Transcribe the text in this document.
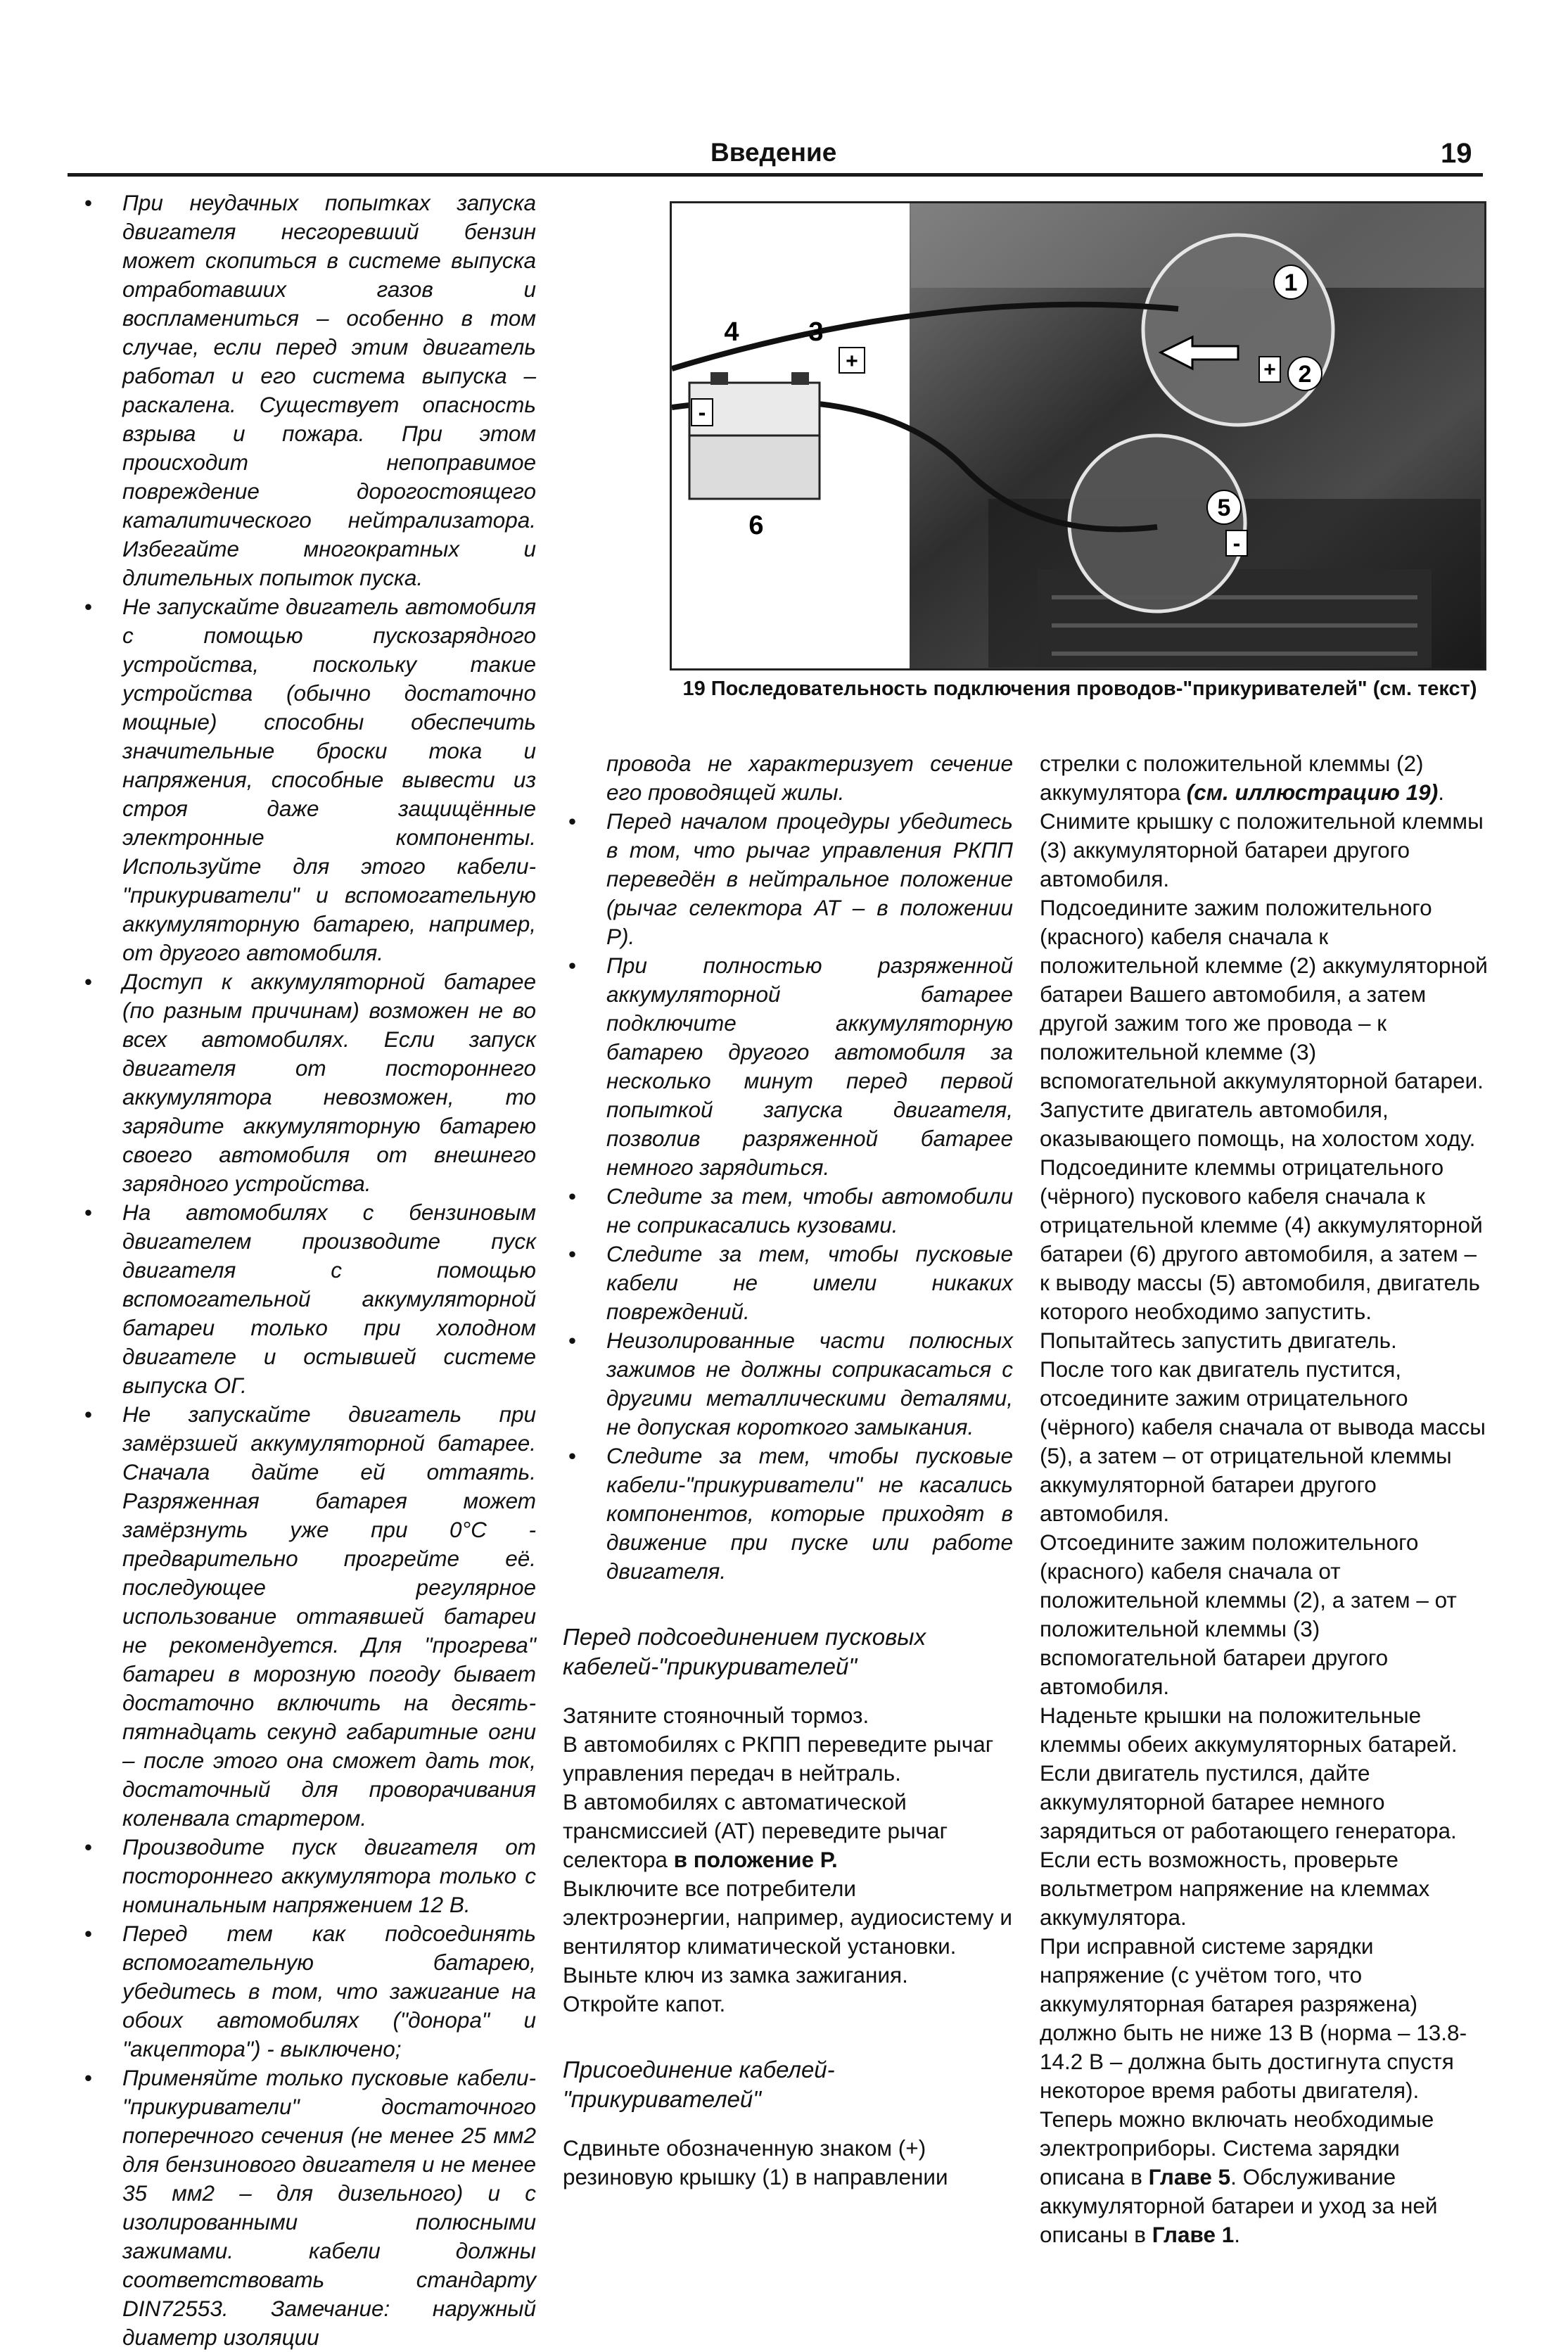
Введение	19
• При неудачных попытках запуска двигателя несгоревший бензин может скопиться в системе выпуска отработавших газов и воспламениться – особенно в том случае, если перед этим двигатель работал и его система выпуска – раскалена. Существует опасность взрыва и пожара. При этом происходит непоправимое повреждение дорогостоящего каталитического нейтрализатора. Избегайте многократных и длительных попыток пуска.
• Не запускайте двигатель автомобиля с помощью пускозарядного устройства, поскольку такие устройства (обычно достаточно мощные) способны обеспечить значительные броски тока и напряжения, способные вывести из строя даже защищённые электронные компоненты. Используйте для этого кабели-"прикуриватели" и вспомогательную аккумуляторную батарею, например, от другого автомобиля.
• Доступ к аккумуляторной батарее (по разным причинам) возможен не во всех автомобилях. Если запуск двигателя от постороннего аккумулятора невозможен, то зарядите аккумуляторную батарею своего автомобиля от внешнего зарядного устройства.
• На автомобилях с бензиновым двигателем производите пуск двигателя с помощью вспомогательной аккумуляторной батареи только при холодном двигателе и остывшей системе выпуска ОГ.
• Не запускайте двигатель при замёрзшей аккумуляторной батарее. Сначала дайте ей оттаять. Разряженная батарея может замёрзнуть уже при 0°С - предварительно прогрейте её. последующее регулярное использование оттаявшей батареи не рекомендуется. Для "прогрева" батареи в морозную погоду бывает достаточно включить на десять-пятнадцать секунд габаритные огни – после этого она сможет дать ток, достаточный для проворачивания коленвала стартером.
• Производите пуск двигателя от постороннего аккумулятора только с номинальным напряжением 12 В.
• Перед тем как подсоединять вспомогательную батарею, убедитесь в том, что зажигание на обоих автомобилях ("донора" и "акцептора") - выключено;
• Применяйте только пусковые кабели-"прикуриватели" достаточного поперечного сечения (не менее 25 мм2 для бензинового двигателя и не менее 35 мм2 – для дизельного) и с изолированными полюсными зажимами. кабели должны соответствовать стандарту DIN72553. Замечание: наружный диаметр изоляции
1
2
3
4
5
6
+	+
-
-
19 Последовательность подключения проводов-"прикуривателей" (см. текст)

провода не характеризует сечение его проводящей жилы.

• Перед началом процедуры убедитесь в том, что рычаг управления РКПП переведён в нейтральное положение (рычаг селектора АТ – в положении Р).
• При полностью разряженной аккумуляторной батарее подключите аккумуляторную батарею другого автомобиля за несколько минут перед первой попыткой запуска двигателя, позволив разряженной батарее немного зарядиться.
• Следите за тем, чтобы автомобили не соприкасались кузовами.
• Следите за тем, чтобы пусковые кабели не имели никаких повреждений.
• Неизолированные части полюсных зажимов не должны соприкасаться с другими металлическими деталями, не допуская короткого замыкания.
• Следите за тем, чтобы пусковые кабели-"прикуриватели" не касались компонентов, которые приходят в движение при пуске или работе двигателя.
Перед подсоединением пусковых кабелей-"прикуривателей"

Затяните стояночный тормоз.

В автомобилях с РКПП переведите рычаг управления передач в нейтраль.

В автомобилях с автоматической трансмиссией (АТ) переведите рычаг селектора в положение Р.

Выключите все потребители электроэнергии, например, аудиосистему и вентилятор климатической установки.

Выньте ключ из замка зажигания.

Откройте капот.

Присоединение кабелей-"прикуривателей"

Сдвиньте обозначенную знаком (+) резиновую крышку (1) в направлении

стрелки с положительной клеммы (2) аккумулятора (см. иллюстрацию 19).

Снимите крышку с положительной клеммы (3) аккумуляторной батареи другого автомобиля.

Подсоедините зажим положительного (красного) кабеля сначала к положительной клемме (2) аккумуляторной батареи Вашего автомобиля, а затем другой зажим того же провода – к положительной клемме (3) вспомогательной аккумуляторной батареи.

Запустите двигатель автомобиля, оказывающего помощь, на холостом ходу.

Подсоедините клеммы отрицательного (чёрного) пускового кабеля сначала к отрицательной клемме (4) аккумуляторной батареи (6) другого автомобиля, а затем – к выводу массы (5) автомобиля, двигатель которого необходимо запустить.

Попытайтесь запустить двигатель.

После того как двигатель пустится, отсоедините зажим отрицательного (чёрного) кабеля сначала от вывода массы (5), а затем – от отрицательной клеммы аккумуляторной батареи другого автомобиля.

Отсоедините зажим положительного (красного) кабеля сначала от положительной клеммы (2), а затем – от положительной клеммы (3) вспомогательной батареи другого автомобиля.

Наденьте крышки на положительные клеммы обеих аккумуляторных батарей.

Если двигатель пустился, дайте аккумуляторной батарее немного зарядиться от работающего генератора. Если есть возможность, проверьте вольтметром напряжение на клеммах аккумулятора.

При исправной системе зарядки напряжение (с учётом того, что аккумуляторная батарея разряжена) должно быть не ниже 13 В (норма – 13.8-14.2 В – должна быть достигнута спустя некоторое время работы двигателя).

Теперь можно включать необходимые электроприборы. Система зарядки описана в Главе 5. Обслуживание аккумуляторной батареи и уход за ней описаны в Главе 1.
